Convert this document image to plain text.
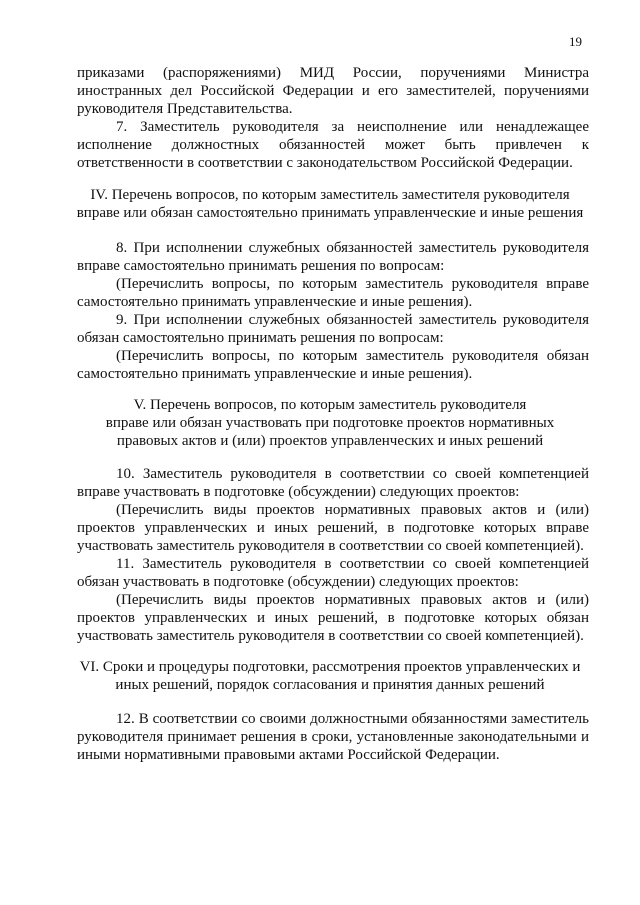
19
приказами (распоряжениями) МИД России, поручениями Министра
иностранных дел Российской Федерации и его заместителей, поручениями
руководителя Представительства.
7. Заместитель руководителя за неисполнение или ненадлежащее
исполнение должностных обязанностей может быть привлечен к
ответственности в соответствии с законодательством Российской Федерации.
IV. Перечень вопросов, по которым заместитель заместителя руководителя
вправе или обязан самостоятельно принимать управленческие и иные решения
8. При исполнении служебных обязанностей заместитель руководителя
вправе самостоятельно принимать решения по вопросам:
(Перечислить вопросы, по которым заместитель руководителя вправе
самостоятельно принимать управленческие и иные решения).
9. При исполнении служебных обязанностей заместитель руководителя
обязан самостоятельно принимать решения по вопросам:
(Перечислить вопросы, по которым заместитель руководителя обязан
самостоятельно принимать управленческие и иные решения).
V. Перечень вопросов, по которым заместитель руководителя
вправе или обязан участвовать при подготовке проектов нормативных
правовых актов и (или) проектов управленческих и иных решений
10. Заместитель руководителя в соответствии со своей компетенцией
вправе участвовать в подготовке (обсуждении) следующих проектов:
(Перечислить виды проектов нормативных правовых актов и (или)
проектов управленческих и иных решений, в подготовке которых вправе
участвовать заместитель руководителя в соответствии со своей компетенцией).
11. Заместитель руководителя в соответствии со своей компетенцией
обязан участвовать в подготовке (обсуждении) следующих проектов:
(Перечислить виды проектов нормативных правовых актов и (или)
проектов управленческих и иных решений, в подготовке которых обязан
участвовать заместитель руководителя в соответствии со своей компетенцией).
VI. Сроки и процедуры подготовки, рассмотрения проектов управленческих и
иных решений, порядок согласования и принятия данных решений
12. В соответствии со своими должностными обязанностями заместитель
руководителя принимает решения в сроки, установленные законодательными и
иными нормативными правовыми актами Российской Федерации.
